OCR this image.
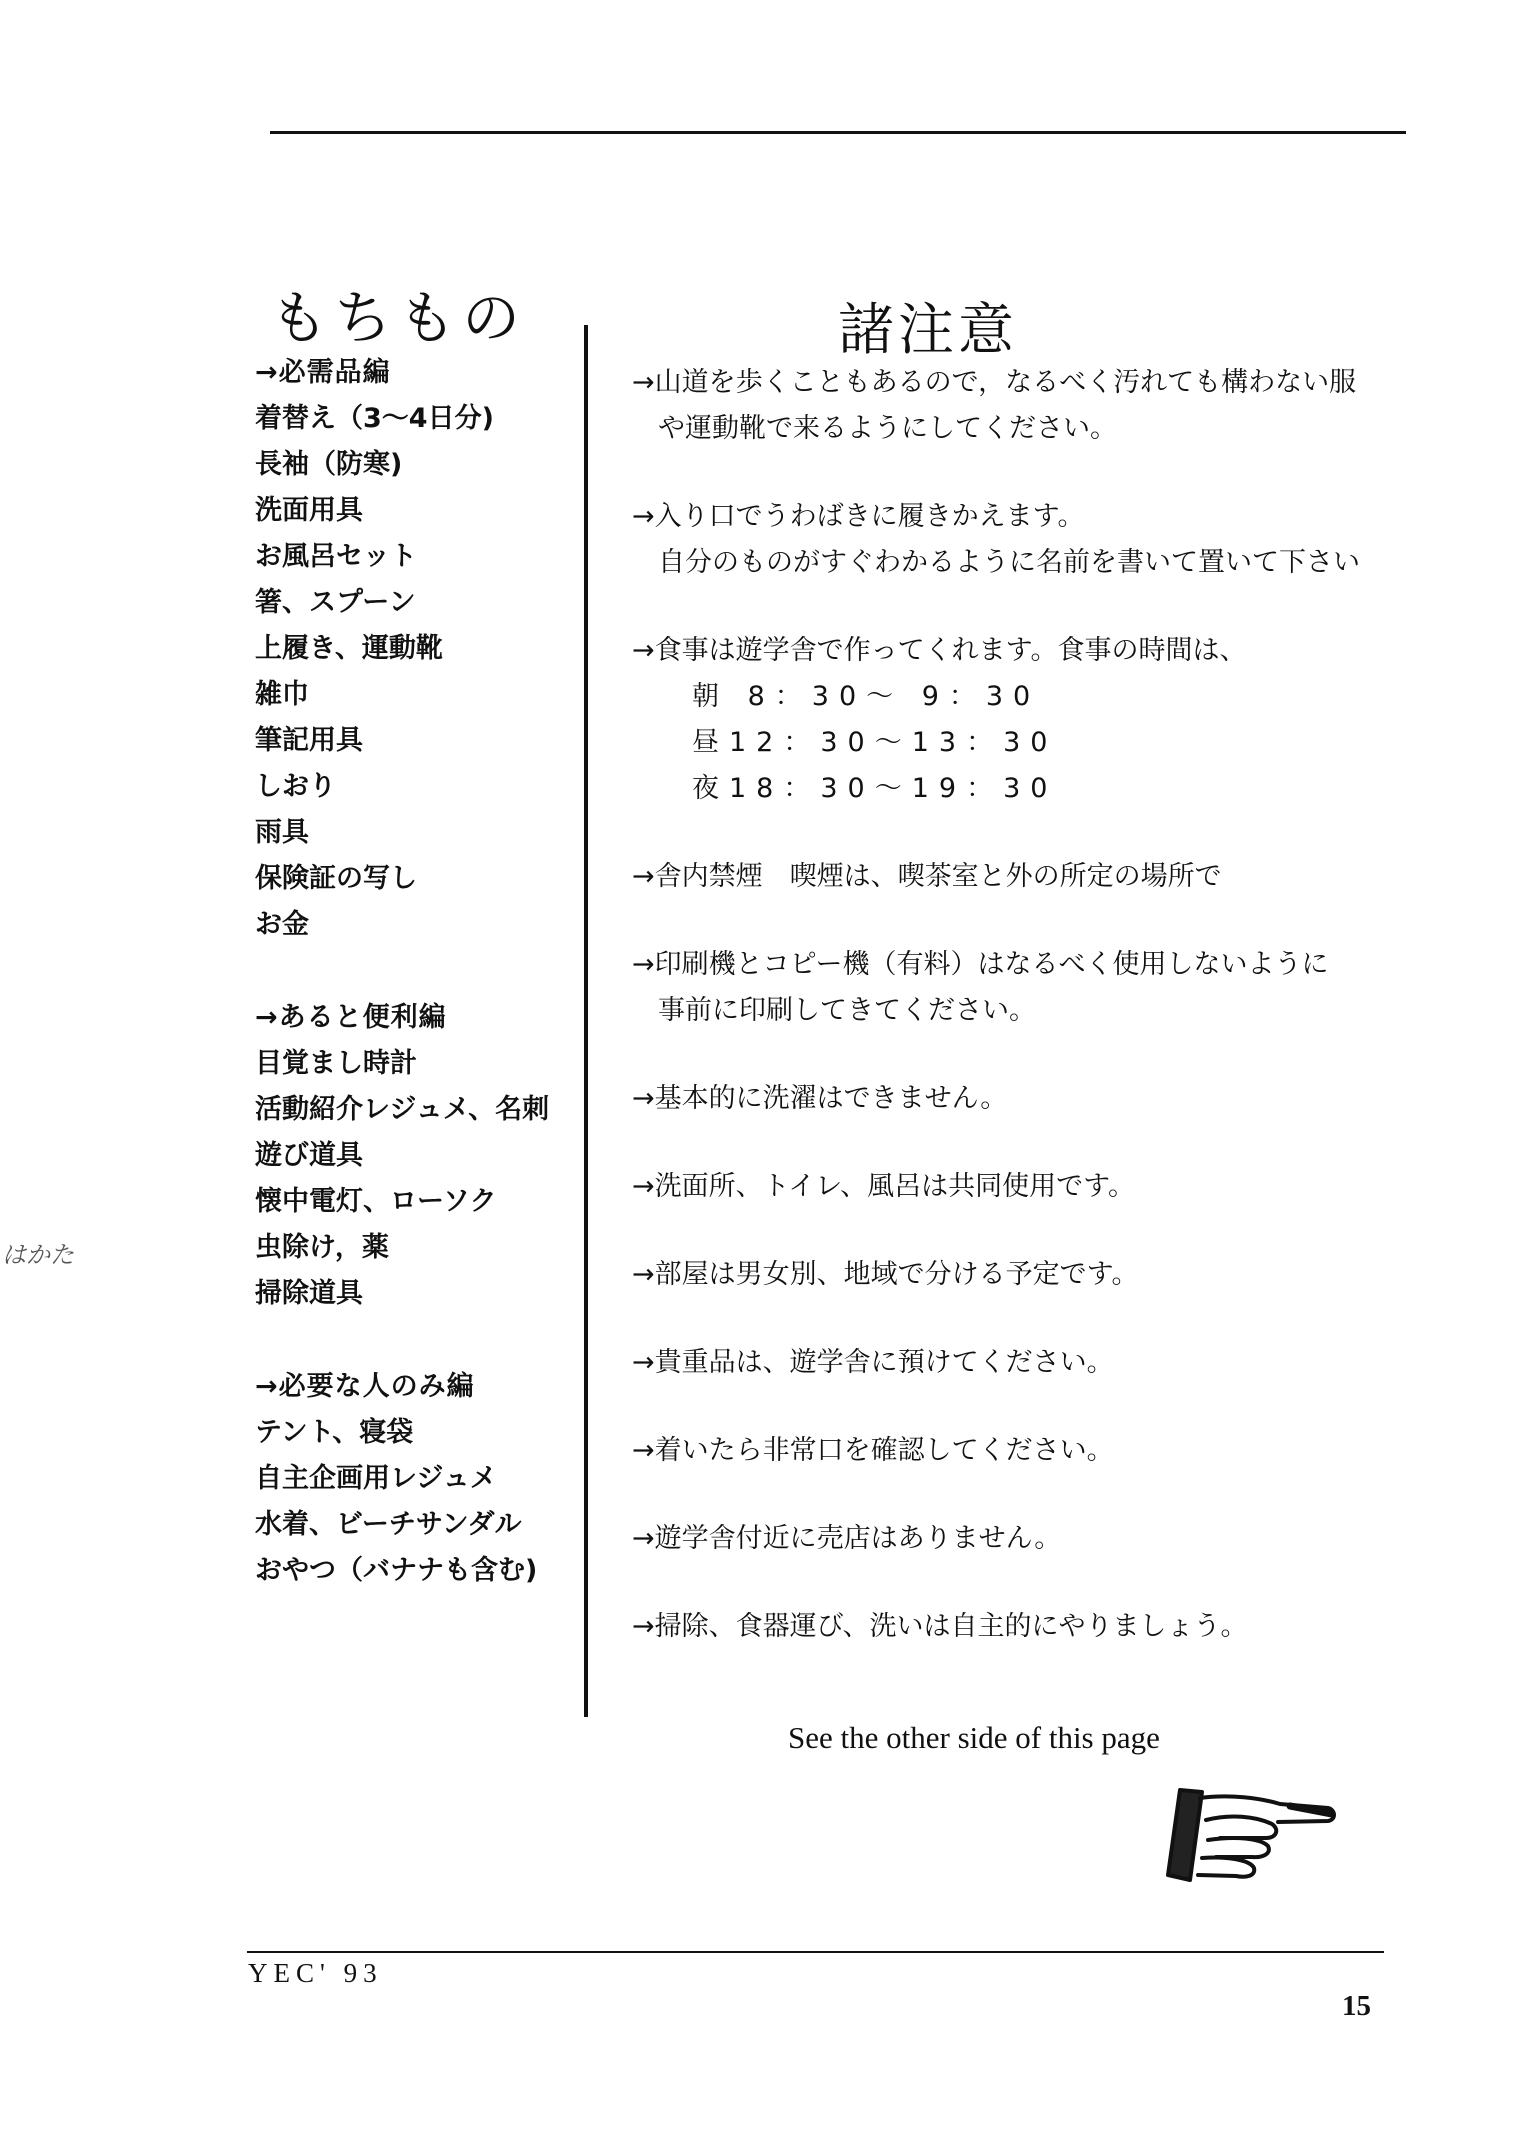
もちもの	諸注意
→必需品編
着替え（3～4日分)
長袖（防寒)
洗面用具
お風呂セット
箸、スプーン
上履き、運動靴
雑巾
筆記用具
しおり
雨具
保険証の写し
お金
→あると便利編
目覚まし時計
活動紹介レジュメ、名刺
遊び道具
懐中電灯、ローソク
虫除け，薬
掃除道具
→必要な人のみ編
テント、寝袋
自主企画用レジュメ
水着、ビーチサンダル
おやつ（バナナも含む)
→山道を歩くこともあるので，なるべく汚れても構わない服
や運動靴で来るようにしてください。
→入り口でうわばきに履きかえます。
自分のものがすぐわかるように名前を書いて置いて下さい
→食事は遊学舎で作ってくれます。食事の時間は、
朝 8：30～ 9：30
昼12：30～13：30
夜18：30～19：30
→舎内禁煙　喫煙は、喫茶室と外の所定の場所で
→印刷機とコピー機（有料）はなるべく使用しないように
事前に印刷してきてください。
→基本的に洗濯はできません。
→洗面所、トイレ、風呂は共同使用です。
→部屋は男女別、地域で分ける予定です。
→貴重品は、遊学舎に預けてください。
→着いたら非常口を確認してください。
→遊学舎付近に売店はありません。
→掃除、食器運び、洗いは自主的にやりましょう。
See the other side of this page
YEC' 93
15
はかた
